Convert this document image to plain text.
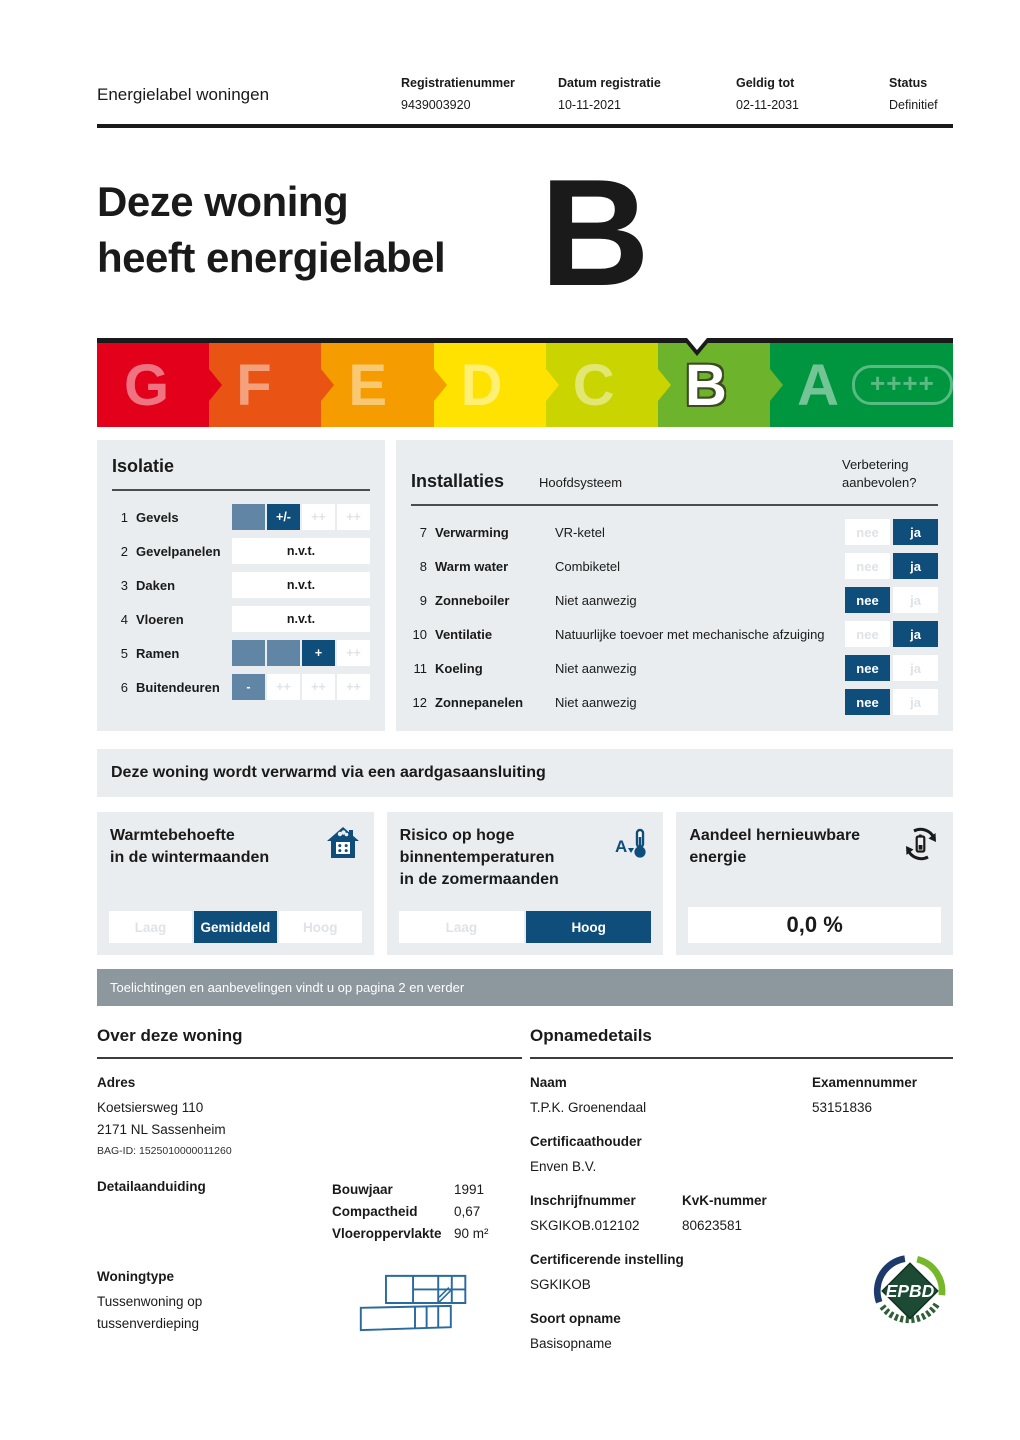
Energielabel woningen
Registratienummer
9439003920
Datum registratie
10-11-2021
Geldig tot
02-11-2031
Status
Definitief
Deze woning
heeft energielabel B
G F E D C B A	++++
Isolatie
1 Gevels	+/-	++	++
2 Gevelpanelen	n.v.t.
3 Daken	n.v.t.
4 Vloeren	n.v.t.
5 Ramen	+	++
6 Buitendeuren	-	++	++	++
Installaties	Hoofdsysteem
Verbetering
aanbevolen?
7 Verwarming	VR-ketel	nee	ja
8 Warm water	Combiketel	nee	ja
9 Zonneboiler	Niet aanwezig	nee	ja
10 Ventilatie	Natuurlijke toevoer met mechanische afzuiging	nee	ja
11 Koeling	Niet aanwezig	nee	ja
12 Zonnepanelen	Niet aanwezig	nee	ja
Deze woning wordt verwarmd via een aardgasaansluiting
Warmtebehoefte
in de wintermaanden
Laag	Gemiddeld	Hoog
Risico op hoge
binnentemperaturen
in de zomermaanden
A
Laag	Hoog
Aandeel hernieuwbare
energie
0,0 %
Toelichtingen en aanbevelingen vindt u op pagina 2 en verder
Over deze woning
Adres
Koetsiersweg 110
2171 NL Sassenheim
BAG-ID: 1525010000011260
Detailaanduiding	Bouwjaar	1991
Compactheid	0,67
Vloeroppervlakte 90 m²
Woningtype
Tussenwoning op
tussenverdieping
Opnamedetails
Naam
T.P.K. Groenendaal
Examennummer
53151836
Certificaathouder
Enven B.V.
Inschrijfnummer
SKGIKOB.012102
KvK-nummer
80623581
Certificerende instelling
SGKIKOB
Soort opname
Basisopname
EPBD
